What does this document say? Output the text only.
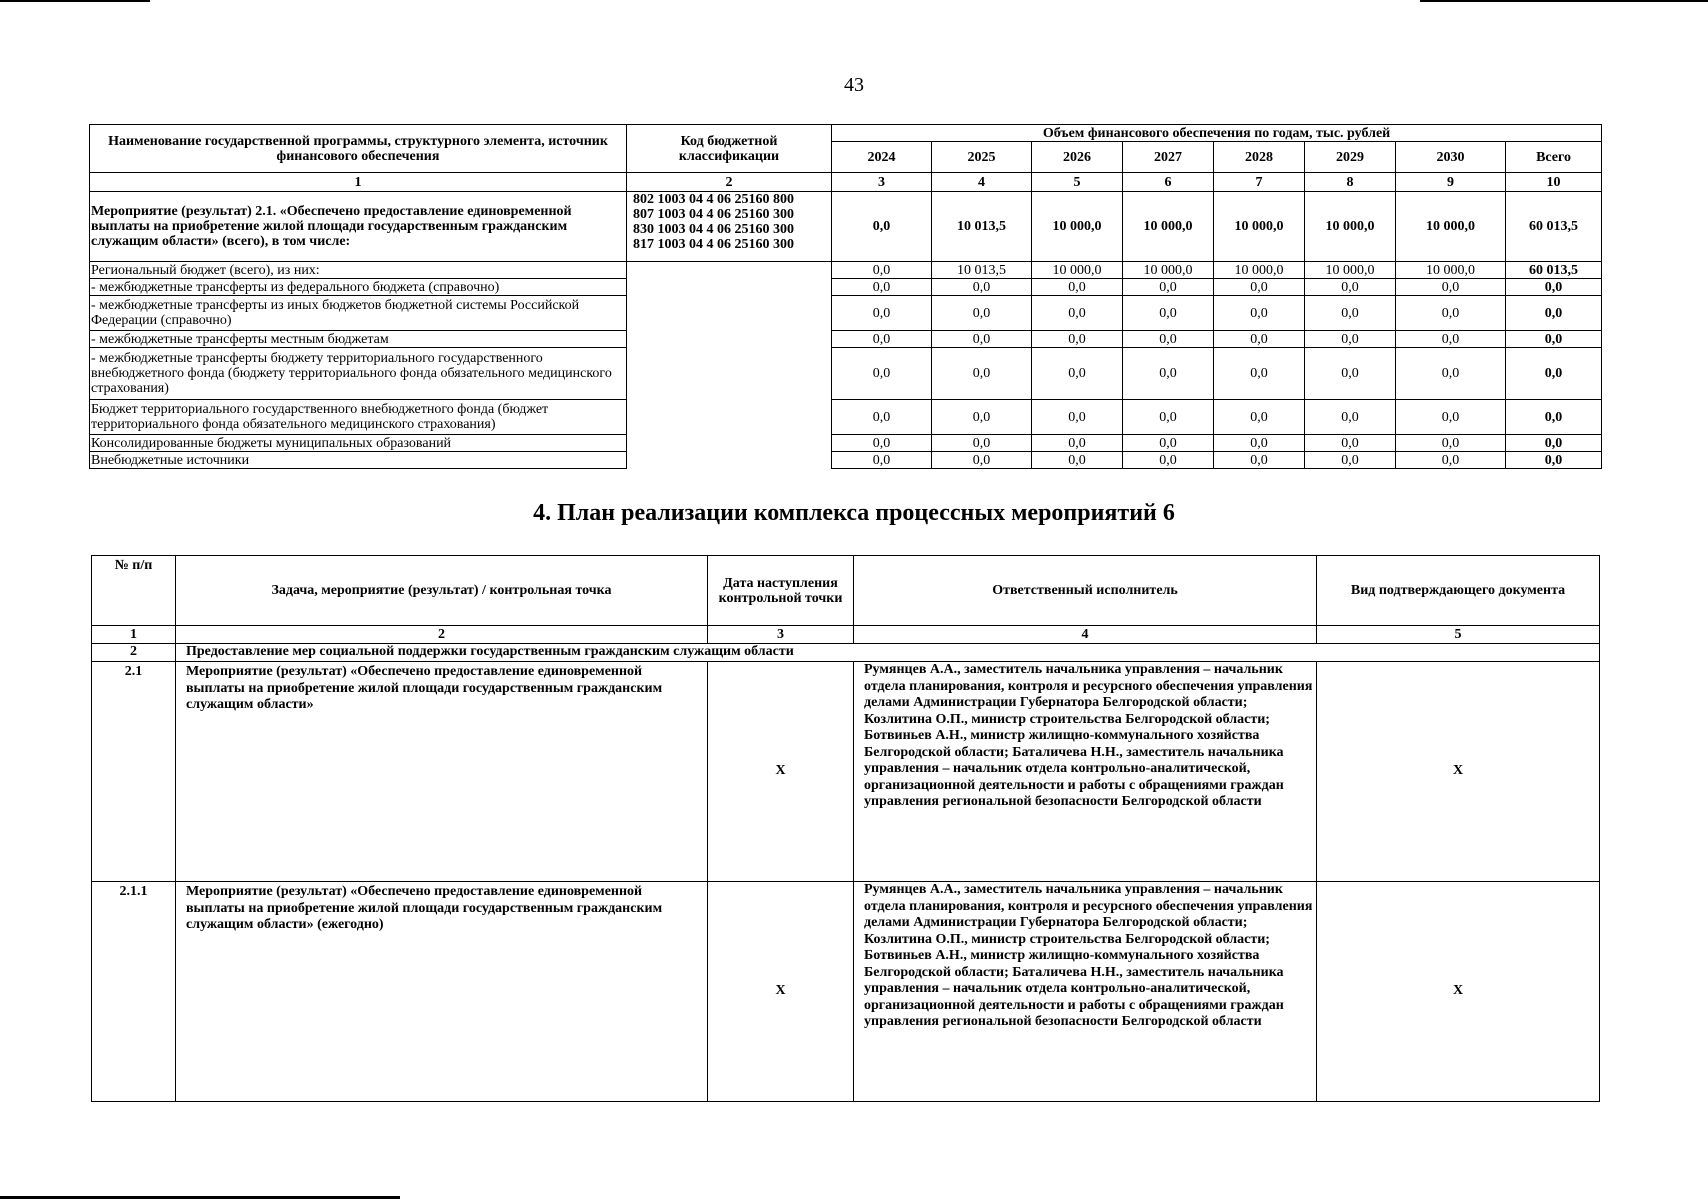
43
Наименование государственной программы, структурного элемента, источник финансового обеспечения	Код бюджетной классификации	Объем финансового обеспечения по годам, тыс. рублей							
		2024	2025	2026	2027	2028	2029	2030	Всего
1	2	3	4	5	6	7	8	9	10
Мероприятие (результат) 2.1. «Обеспечено предоставление единовременной выплаты на приобретение жилой площади государственным гражданским служащим области» (всего), в том числе:	802 1003 04 4 06 25160 800
807 1003 04 4 06 25160 300
830 1003 04 4 06 25160 300
817 1003 04 4 06 25160 300	0,0	10 013,5	10 000,0	10 000,0	10 000,0	10 000,0	10 000,0	60 013,5
Региональный бюджет (всего), из них:		0,0	10 013,5	10 000,0	10 000,0	10 000,0	10 000,0	10 000,0	60 013,5
- межбюджетные трансферты из федерального бюджета (справочно)		0,0	0,0	0,0	0,0	0,0	0,0	0,0	0,0
- межбюджетные трансферты из иных бюджетов бюджетной системы Российской Федерации (справочно)		0,0	0,0	0,0	0,0	0,0	0,0	0,0	0,0
- межбюджетные трансферты местным бюджетам		0,0	0,0	0,0	0,0	0,0	0,0	0,0	0,0
- межбюджетные трансферты бюджету территориального государственного внебюджетного фонда (бюджету территориального фонда обязательного медицинского страхования)		0,0	0,0	0,0	0,0	0,0	0,0	0,0	0,0
Бюджет территориального государственного внебюджетного фонда (бюджет территориального фонда обязательного медицинского страхования)		0,0	0,0	0,0	0,0	0,0	0,0	0,0	0,0
Консолидированные бюджеты муниципальных образований		0,0	0,0	0,0	0,0	0,0	0,0	0,0	0,0
Внебюджетные источники		0,0	0,0	0,0	0,0	0,0	0,0	0,0	0,0
4. План реализации комплекса процессных мероприятий 6
№ п/п	Задача, мероприятие (результат) / контрольная точка	Дата наступления контрольной точки	Ответственный исполнитель	Вид подтверждающего документа
1	2	3	4	5
2	Предоставление мер социальной поддержки государственным гражданским служащим области			
2.1	Мероприятие (результат) «Обеспечено предоставление единовременной выплаты на приобретение жилой площади государственным гражданским служащим области»	Х	Румянцев А.А., заместитель начальника управления – начальник отдела планирования, контроля и ресурсного обеспечения управления делами Администрации Губернатора Белгородской области; Козлитина О.П., министр строительства Белгородской области; Ботвиньев А.Н., министр жилищно-коммунального хозяйства Белгородской области; Баталичева Н.Н., заместитель начальника управления – начальник отдела контрольно-аналитической, организационной деятельности и работы с обращениями граждан управления региональной безопасности Белгородской области	Х
2.1.1	Мероприятие (результат) «Обеспечено предоставление единовременной выплаты на приобретение жилой площади государственным гражданским служащим области» (ежегодно)	Х	Румянцев А.А., заместитель начальника управления – начальник отдела планирования, контроля и ресурсного обеспечения управления делами Администрации Губернатора Белгородской области; Козлитина О.П., министр строительства Белгородской области; Ботвиньев А.Н., министр жилищно-коммунального хозяйства Белгородской области; Баталичева Н.Н., заместитель начальника управления – начальник отдела контрольно-аналитической, организационной деятельности и работы с обращениями граждан управления региональной безопасности Белгородской области	Х
